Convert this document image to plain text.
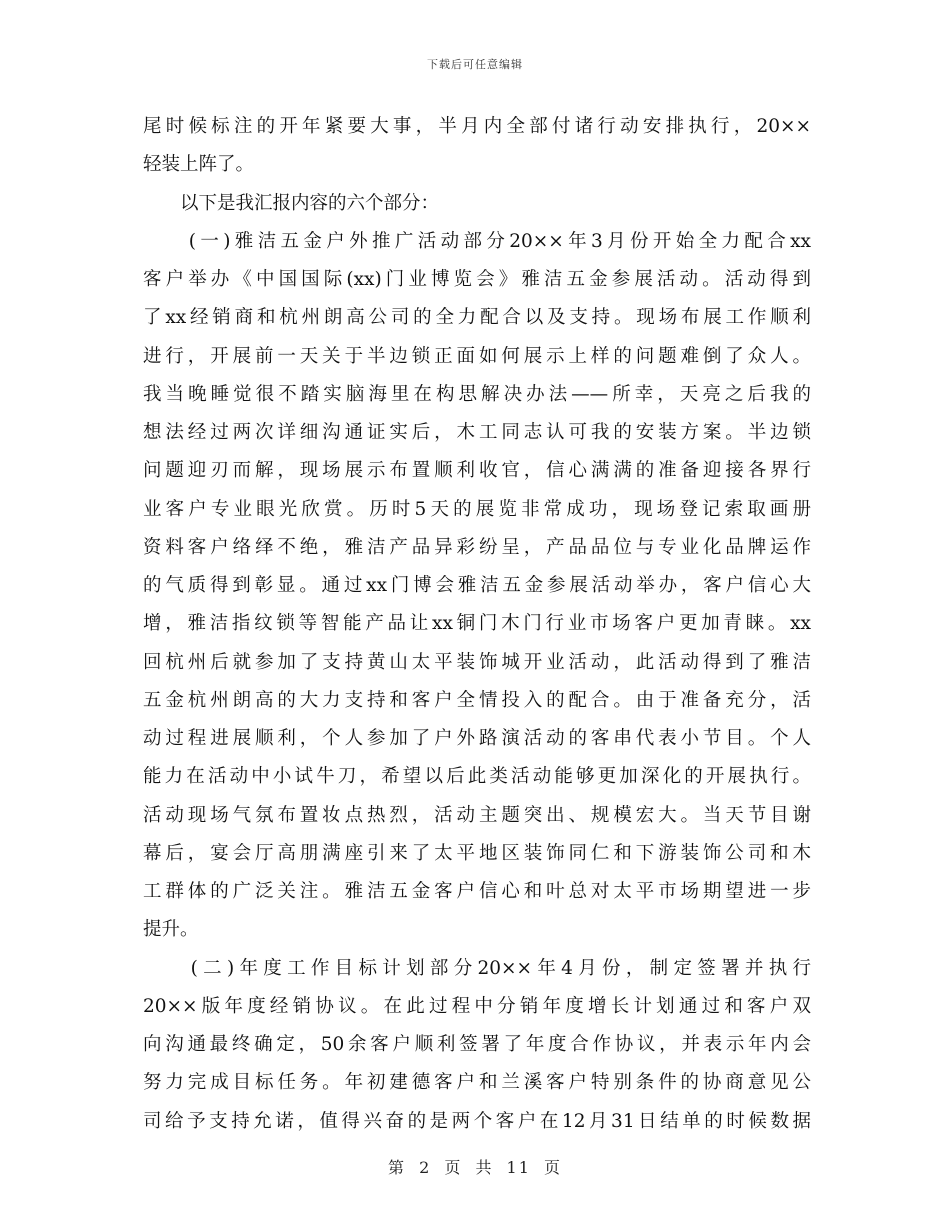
下载后可任意编辑
尾时候标注的开年紧要大事，半月内全部付诸行动安排执行，20××
轻装上阵了。
　　以下是我汇报内容的六个部分：
　　(一)雅洁五金户外推广活动部分20××年3月份开始全力配合xx
客户举办《中国国际(xx)门业博览会》雅洁五金参展活动。活动得到
了xx经销商和杭州朗高公司的全力配合以及支持。现场布展工作顺利
进行，开展前一天关于半边锁正面如何展示上样的问题难倒了众人。
我当晚睡觉很不踏实脑海里在构思解决办法——所幸，天亮之后我的
想法经过两次详细沟通证实后，木工同志认可我的安装方案。半边锁
问题迎刃而解，现场展示布置顺利收官，信心满满的准备迎接各界行
业客户专业眼光欣赏。历时5天的展览非常成功，现场登记索取画册
资料客户络绎不绝，雅洁产品异彩纷呈，产品品位与专业化品牌运作
的气质得到彰显。通过xx门博会雅洁五金参展活动举办，客户信心大
增，雅洁指纹锁等智能产品让xx铜门木门行业市场客户更加青睐。xx
回杭州后就参加了支持黄山太平装饰城开业活动，此活动得到了雅洁
五金杭州朗高的大力支持和客户全情投入的配合。由于准备充分，活
动过程进展顺利，个人参加了户外路演活动的客串代表小节目。个人
能力在活动中小试牛刀，希望以后此类活动能够更加深化的开展执行。
活动现场气氛布置妆点热烈，活动主题突出、规模宏大。当天节目谢
幕后，宴会厅高朋满座引来了太平地区装饰同仁和下游装饰公司和木
工群体的广泛关注。雅洁五金客户信心和叶总对太平市场期望进一步
提升。
　　(二)年度工作目标计划部分20××年4月份，制定签署并执行
20××版年度经销协议。在此过程中分销年度增长计划通过和客户双
向沟通最终确定，50余客户顺利签署了年度合作协议，并表示年内会
努力完成目标任务。年初建德客户和兰溪客户特别条件的协商意见公
司给予支持允诺，值得兴奋的是两个客户在12月31日结单的时候数据
第 2 页 共 11 页
